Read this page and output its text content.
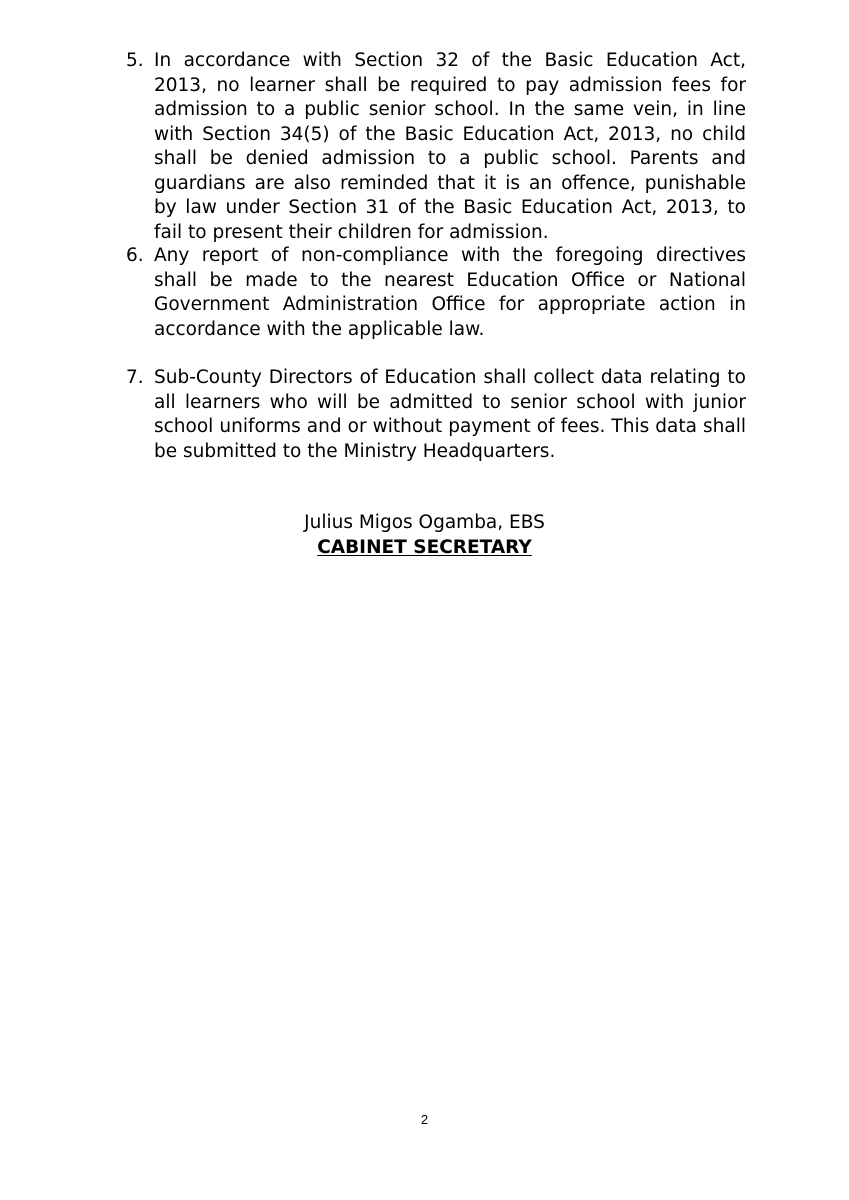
5. In accordance with Section 32 of the Basic Education Act, 2013, no learner shall be required to pay admission fees for admission to a public senior school. In the same vein, in line with Section 34(5) of the Basic Education Act, 2013, no child shall be denied admission to a public school. Parents and guardians are also reminded that it is an offence, punishable by law under Section 31 of the Basic Education Act, 2013, to fail to present their children for admission.
6. Any report of non-compliance with the foregoing directives shall be made to the nearest Education Office or National Government Administration Office for appropriate action in accordance with the applicable law.
7. Sub-County Directors of Education shall collect data relating to all learners who will be admitted to senior school with junior school uniforms and or without payment of fees. This data shall be submitted to the Ministry Headquarters.
Julius Migos Ogamba, EBS
CABINET SECRETARY
2
